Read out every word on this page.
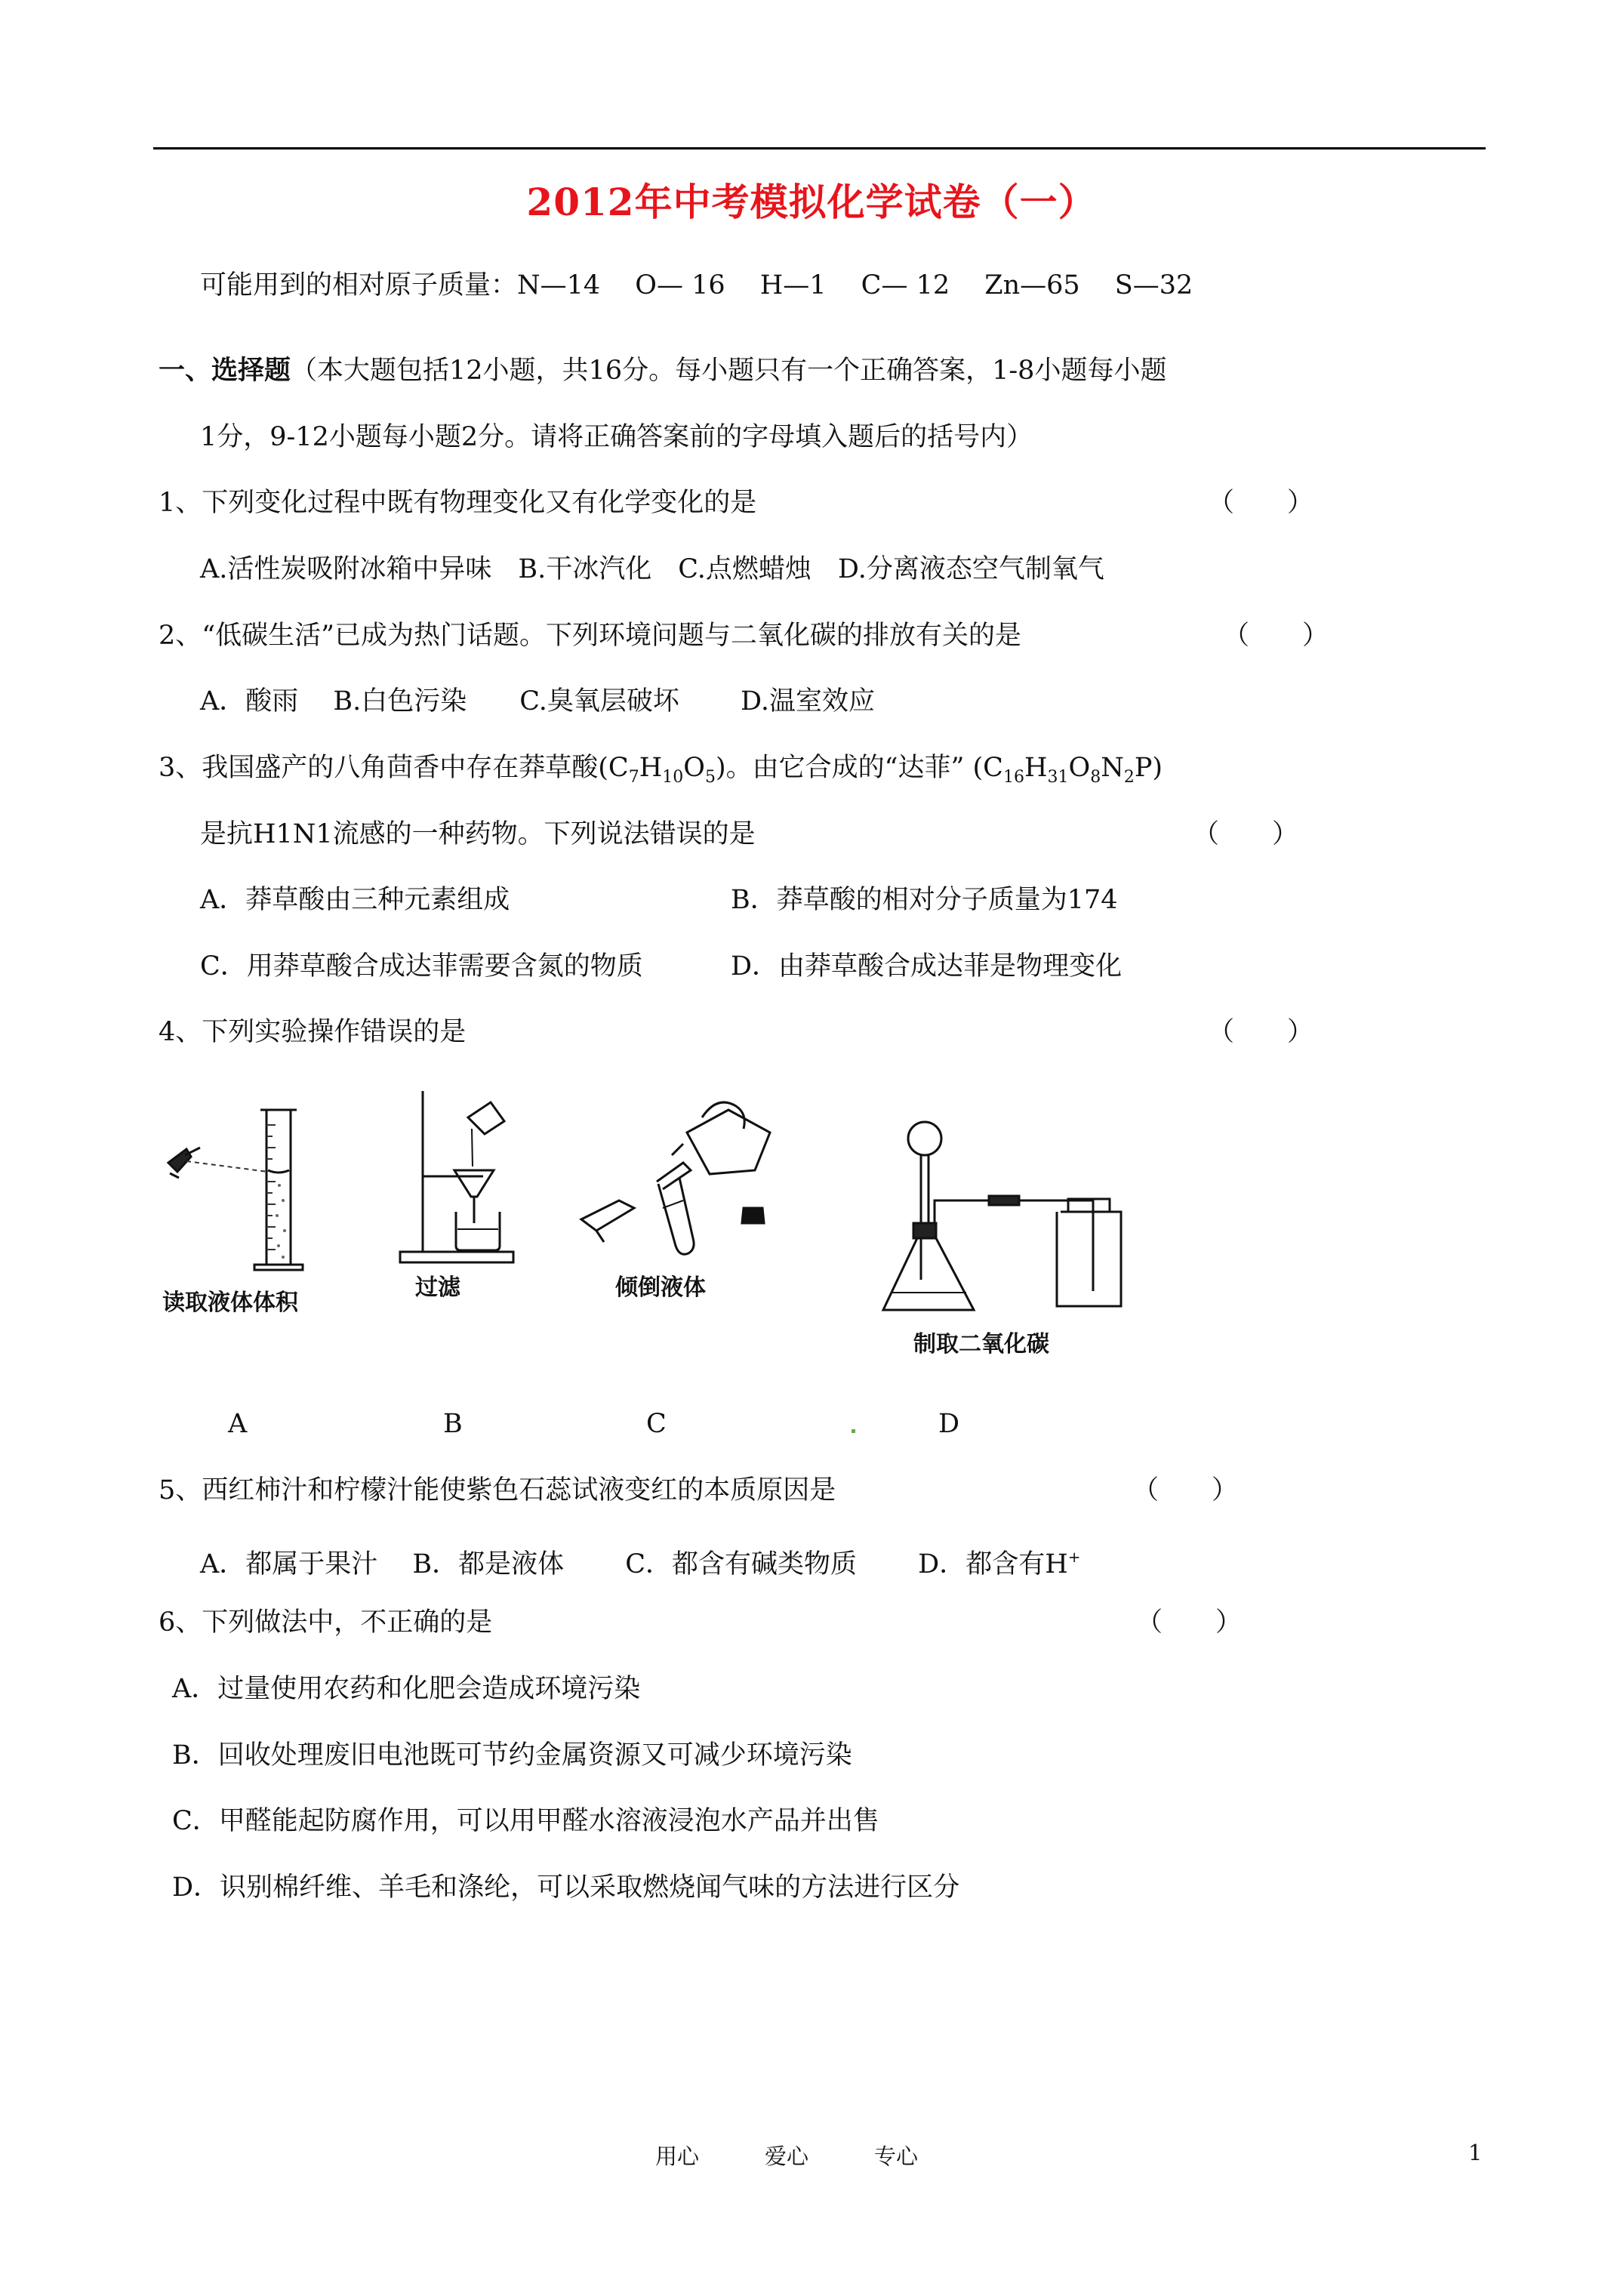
2012年中考模拟化学试卷（一）
可能用到的相对原子质量：N—14　 O— 16　 H—1　 C— 12　 Zn—65　 S—32
一、选择题（本大题包括12小题，共16分。每小题只有一个正确答案，1-8小题每小题
1分，9-12小题每小题2分。请将正确答案前的字母填入题后的括号内）
1、下列变化过程中既有物理变化又有化学变化的是	（　　）
A.活性炭吸附冰箱中异味　B.干冰汽化　C.点燃蜡烛　D.分离液态空气制氧气
2、“低碳生活”已成为热门话题。下列环境问题与二氧化碳的排放有关的是	（　　）
A．酸雨　 B.白色污染　　C.臭氧层破坏　　 D.温室效应
3、我国盛产的八角茴香中存在莽草酸$(C_7H_{10}O_5)$。由它合成的“达菲” $(C_{16}H_{31}O_8N_2P)$
是抗H1N1流感的一种药物。下列说法错误的是	（　　）
A．莽草酸由三种元素组成	B．莽草酸的相对分子质量为174
C．用莽草酸合成达菲需要含氮的物质	D．由莽草酸合成达菲是物理变化
4、下列实验操作错误的是	（　　）
读取液体体积
过滤	倾倒液体
制取二氧化碳
A	B	C	D
5、西红柿汁和柠檬汁能使紫色石蕊试液变红的本质原因是	（　　）
A．都属于果汁　 B．都是液体　　 C．都含有碱类物质　　 D．都含有H+
6、下列做法中，不正确的是	（　　）
A．过量使用农药和化肥会造成环境污染
B．回收处理废旧电池既可节约金属资源又可减少环境污染
C．甲醛能起防腐作用，可以用甲醛水溶液浸泡水产品并出售
D．识别棉纤维、羊毛和涤纶，可以采取燃烧闻气味的方法进行区分
用心　　　爱心　　　专心	1
